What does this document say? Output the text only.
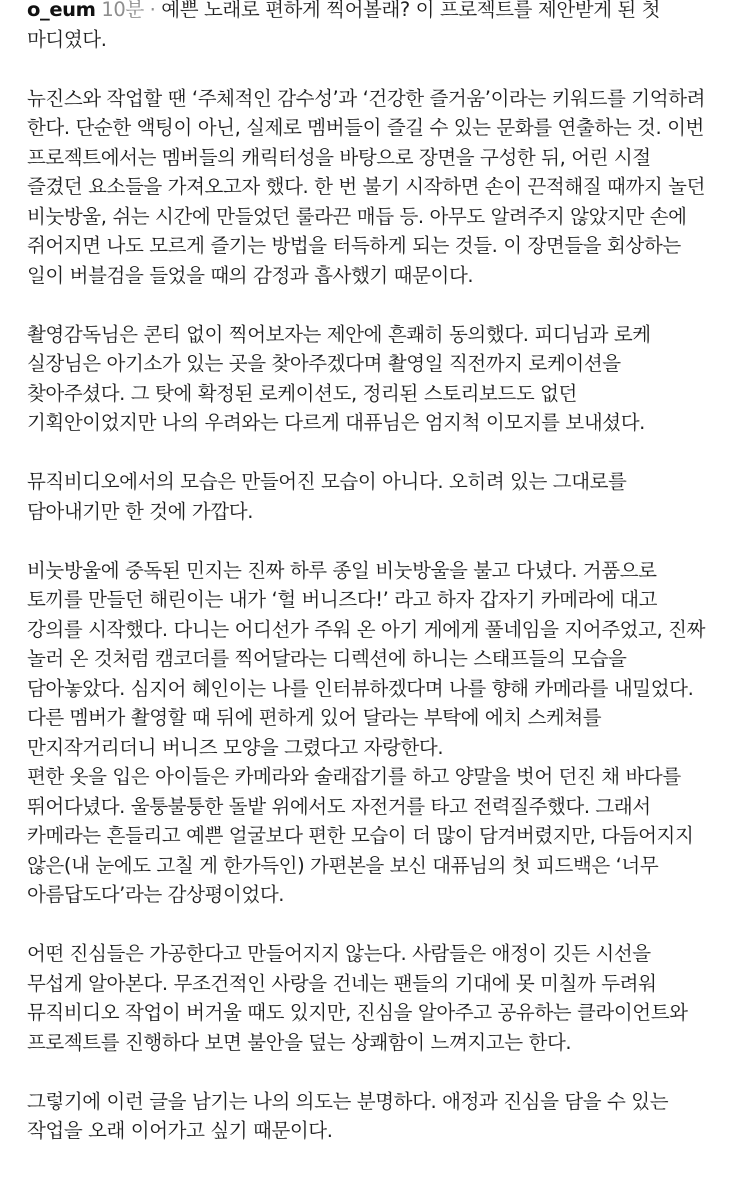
o_eum 10분 · 예쁜 노래로 편하게 찍어볼래? 이 프로젝트를 제안받게 된 첫 마디였다.

뉴진스와 작업할 땐 ‘주체적인 감수성’과 ‘건강한 즐거움’이라는 키워드를 기억하려 한다. 단순한 액팅이 아닌, 실제로 멤버들이 즐길 수 있는 문화를 연출하는 것. 이번 프로젝트에서는 멤버들의 캐릭터성을 바탕으로 장면을 구성한 뒤, 어린 시절 즐겼던 요소들을 가져오고자 했다. 한 번 불기 시작하면 손이 끈적해질 때까지 놀던 비눗방울, 쉬는 시간에 만들었던 룰라끈 매듭 등. 아무도 알려주지 않았지만 손에 쥐어지면 나도 모르게 즐기는 방법을 터득하게 되는 것들. 이 장면들을 회상하는 일이 버블검을 들었을 때의 감정과 흡사했기 때문이다.

촬영감독님은 콘티 없이 찍어보자는 제안에 흔쾌히 동의했다. 피디님과 로케 실장님은 아기소가 있는 곳을 찾아주겠다며 촬영일 직전까지 로케이션을 찾아주셨다. 그 탓에 확정된 로케이션도, 정리된 스토리보드도 없던 기획안이었지만 나의 우려와는 다르게 대퓨님은 엄지척 이모지를 보내셨다.

뮤직비디오에서의 모습은 만들어진 모습이 아니다. 오히려 있는 그대로를 담아내기만 한 것에 가깝다.

비눗방울에 중독된 민지는 진짜 하루 종일 비눗방울을 불고 다녔다. 거품으로 토끼를 만들던 해린이는 내가 ‘헐 버니즈다!’ 라고 하자 갑자기 카메라에 대고 강의를 시작했다. 다니는 어디선가 주워 온 아기 게에게 풀네임을 지어주었고, 진짜 놀러 온 것처럼 캠코더를 찍어달라는 디렉션에 하니는 스태프들의 모습을 담아놓았다. 심지어 혜인이는 나를 인터뷰하겠다며 나를 향해 카메라를 내밀었다. 다른 멤버가 촬영할 때 뒤에 편하게 있어 달라는 부탁에 에치 스케쳐를 만지작거리더니 버니즈 모양을 그렸다고 자랑한다.

편한 옷을 입은 아이들은 카메라와 술래잡기를 하고 양말을 벗어 던진 채 바다를 뛰어다녔다. 울퉁불퉁한 돌밭 위에서도 자전거를 타고 전력질주했다. 그래서 카메라는 흔들리고 예쁜 얼굴보다 편한 모습이 더 많이 담겨버렸지만, 다듬어지지 않은(내 눈에도 고칠 게 한가득인) 가편본을 보신 대퓨님의 첫 피드백은 ‘너무 아름답도다’라는 감상평이었다.

어떤 진심들은 가공한다고 만들어지지 않는다. 사람들은 애정이 깃든 시선을 무섭게 알아본다. 무조건적인 사랑을 건네는 팬들의 기대에 못 미칠까 두려워 뮤직비디오 작업이 버거울 때도 있지만, 진심을 알아주고 공유하는 클라이언트와 프로젝트를 진행하다 보면 불안을 덮는 상쾌함이 느껴지고는 한다.

그렇기에 이런 글을 남기는 나의 의도는 분명하다. 애정과 진심을 담을 수 있는 작업을 오래 이어가고 싶기 때문이다.
